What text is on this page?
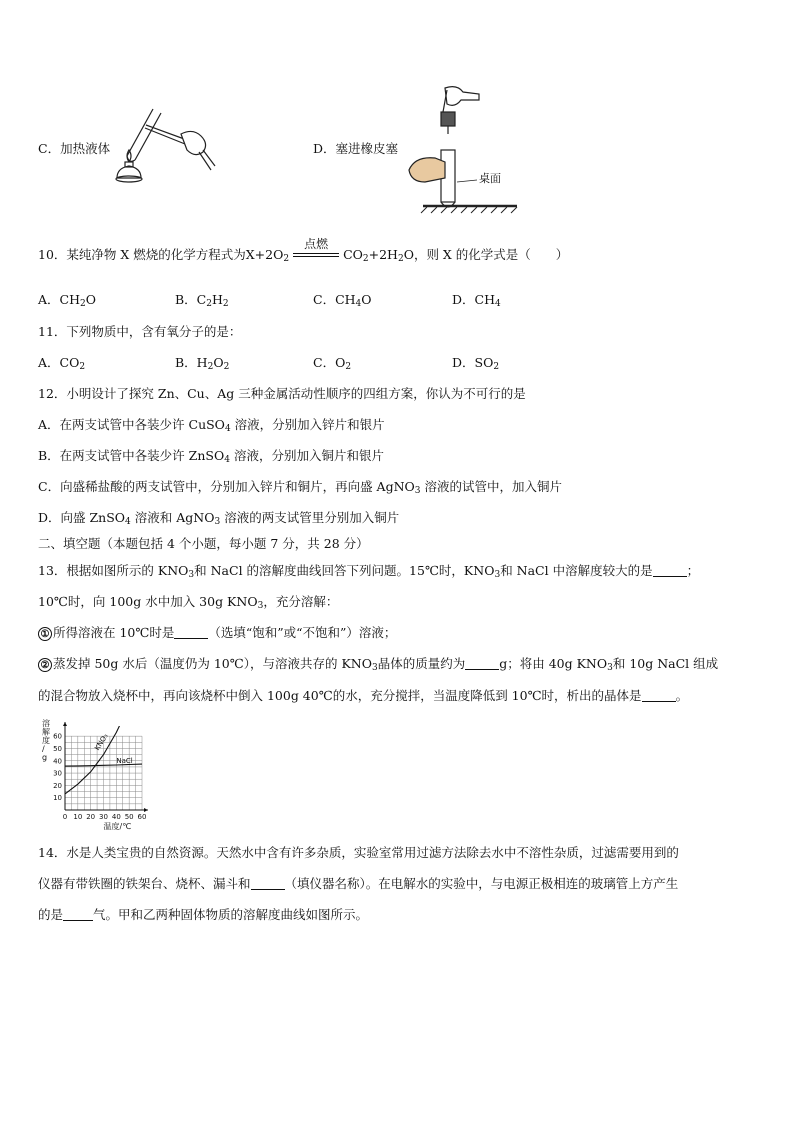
C．加热液体	D．塞进橡皮塞
桌面
10．某纯净物 X 燃烧的化学方程式为$X+2O_2$
点燃
$CO_2+2H_2O$，则 X 的化学式是（　　）
A．$CH_2O$	B．$C_2H_2$	C．$CH_4O$	D．$CH_4$
11．下列物质中，含有氧分子的是：
A．$CO_2$	B．$H_2O_2$	C．$O_2$	D．$SO_2$
12．小明设计了探究 Zn、Cu、Ag 三种金属活动性顺序的四组方案，你认为不可行的是
A．在两支试管中各装少许 CuSO$_4$ 溶液，分别加入锌片和银片
B．在两支试管中各装少许 ZnSO$_4$ 溶液，分别加入铜片和银片
C．向盛稀盐酸的两支试管中，分别加入锌片和铜片，再向盛 AgNO$_3$ 溶液的试管中，加入铜片
D．向盛 ZnSO$_4$ 溶液和 AgNO$_3$ 溶液的两支试管里分别加入铜片
二、填空题（本题包括 4 个小题，每小题 7 分，共 28 分）
13．根据如图所示的 $KNO_3$和 NaCl 的溶解度曲线回答下列问题。15℃时，$KNO_3$和 NaCl 中溶解度较大的是	；
10℃时，向 100g 水中加入 30g $KNO_3$，充分溶解：
① 所得溶液在 10℃时是	（选填“饱和”或“不饱和”）溶液；
② 蒸发掉 50g 水后（温度仍为 10℃），与溶液共存的 $KNO_3$晶体的质量约为	g；将由 40g $KNO_3$和 10g NaCl 组成
的混合物放入烧杯中，再向该烧杯中倒入 100g 40℃的水，充分搅拌，当温度降低到 10℃时，析出的晶体是	。
0 10 20 30 40 50 60
10
20
30
40
50
60	KNO₃
NaCl
溶解度/ g
温度/℃
14．水是人类宝贵的自然资源。天然水中含有许多杂质，实验室常用过滤方法除去水中不溶性杂质，过滤需要用到的
仪器有带铁圈的铁架台、烧杯、漏斗和	（填仪器名称）。在电解水的实验中，与电源正极相连的玻璃管上方产生
的是 气。甲和乙两种固体物质的溶解度曲线如图所示。
